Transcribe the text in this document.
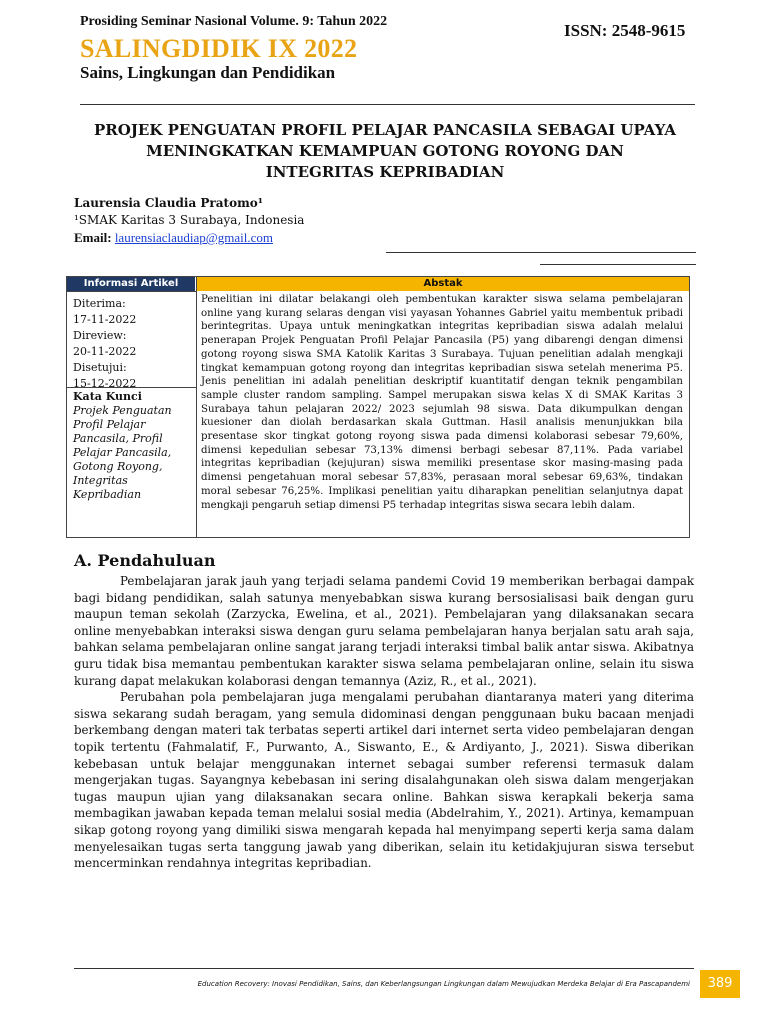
Prosiding Seminar Nasional Volume. 9: Tahun 2022
SALINGDIDIK IX 2022
Sains, Lingkungan dan Pendidikan
ISSN: 2548-9615
PROJEK PENGUATAN PROFIL PELAJAR PANCASILA SEBAGAI UPAYA MENINGKATKAN KEMAMPUAN GOTONG ROYONG DAN INTEGRITAS KEPRIBADIAN
Laurensia Claudia Pratomo¹
¹SMAK Karitas 3 Surabaya, Indonesia
Email: laurensiaclaudiap@gmail.com
Informasi Artikel	Abstak
Diterima:
17-11-2022
Direview:
20-11-2022
Disetujui:
15-12-2022
Kata Kunci
Projek Penguatan Profil Pelajar Pancasila, Profil Pelajar Pancasila, Gotong Royong, Integritas Kepribadian
Penelitian ini dilatar belakangi oleh pembentukan karakter siswa selama pembelajaran online yang kurang selaras dengan visi yayasan Yohannes Gabriel yaitu membentuk pribadi berintegritas. Upaya untuk meningkatkan integritas kepribadian siswa adalah melalui penerapan Projek Penguatan Profil Pelajar Pancasila (P5) yang dibarengi dengan dimensi gotong royong siswa SMA Katolik Karitas 3 Surabaya. Tujuan penelitian adalah mengkaji tingkat kemampuan gotong royong dan integritas kepribadian siswa setelah menerima P5. Jenis penelitian ini adalah penelitian deskriptif kuantitatif dengan teknik pengambilan sample cluster random sampling. Sampel merupakan siswa kelas X di SMAK Karitas 3 Surabaya tahun pelajaran 2022/ 2023 sejumlah 98 siswa. Data dikumpulkan dengan kuesioner dan diolah berdasarkan skala Guttman. Hasil analisis menunjukkan bila presentase skor tingkat gotong royong siswa pada dimensi kolaborasi sebesar 79,60%, dimensi kepedulian sebesar 73,13% dimensi berbagi sebesar 87,11%. Pada variabel integritas kepribadian (kejujuran) siswa memiliki presentase skor masing-masing pada dimensi pengetahuan moral sebesar 57,83%, perasaan moral sebesar 69,63%, tindakan moral sebesar 76,25%. Implikasi penelitian yaitu diharapkan penelitian selanjutnya dapat mengkaji pengaruh setiap dimensi P5 terhadap integritas siswa secara lebih dalam.
A. Pendahuluan

Pembelajaran jarak jauh yang terjadi selama pandemi Covid 19 memberikan berbagai dampak bagi bidang pendidikan, salah satunya menyebabkan siswa kurang bersosialisasi baik dengan guru maupun teman sekolah (Zarzycka, Ewelina, et al., 2021). Pembelajaran yang dilaksanakan secara online menyebabkan interaksi siswa dengan guru selama pembelajaran hanya berjalan satu arah saja, bahkan selama pembelajaran online sangat jarang terjadi interaksi timbal balik antar siswa. Akibatnya guru tidak bisa memantau pembentukan karakter siswa selama pembelajaran online, selain itu siswa kurang dapat melakukan kolaborasi dengan temannya (Aziz, R., et al., 2021).

Perubahan pola pembelajaran juga mengalami perubahan diantaranya materi yang diterima siswa sekarang sudah beragam, yang semula didominasi dengan penggunaan buku bacaan menjadi berkembang dengan materi tak terbatas seperti artikel dari internet serta video pembelajaran dengan topik tertentu (Fahmalatif, F., Purwanto, A., Siswanto, E., & Ardiyanto, J., 2021). Siswa diberikan kebebasan untuk belajar menggunakan internet sebagai sumber referensi termasuk dalam mengerjakan tugas. Sayangnya kebebasan ini sering disalahgunakan oleh siswa dalam mengerjakan tugas maupun ujian yang dilaksanakan secara online. Bahkan siswa kerapkali bekerja sama membagikan jawaban kepada teman melalui sosial media (Abdelrahim, Y., 2021). Artinya, kemampuan sikap gotong royong yang dimiliki siswa mengarah kepada hal menyimpang seperti kerja sama dalam menyelesaikan tugas serta tanggung jawab yang diberikan, selain itu ketidakjujuran siswa tersebut mencerminkan rendahnya integritas kepribadian.

Education Recovery: Inovasi Pendidikan, Sains, dan Keberlangsungan Lingkungan dalam Mewujudkan Merdeka Belajar di Era Pascapandemi	389
